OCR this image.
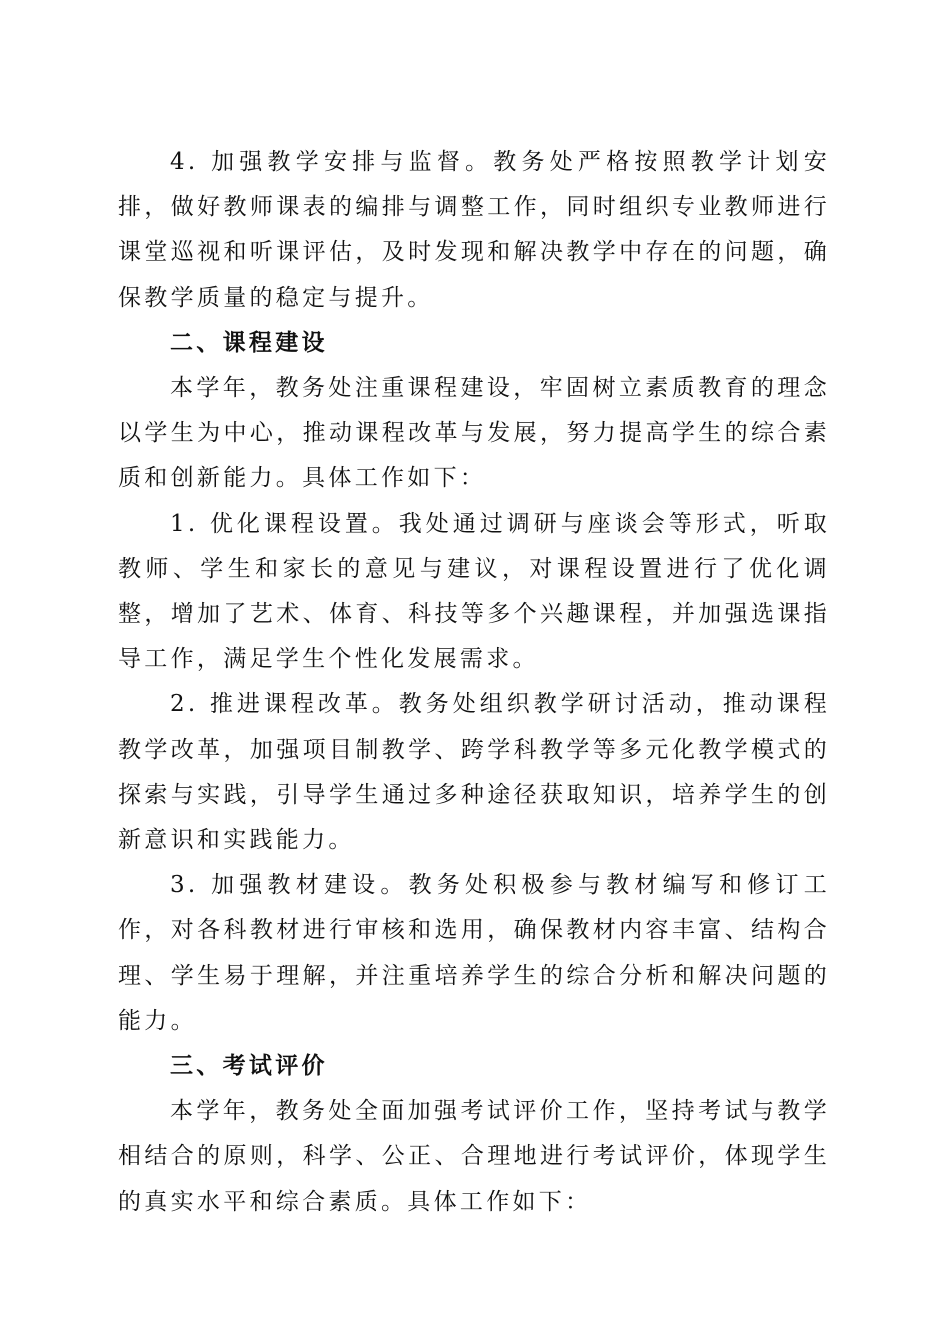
4. 加强教学安排与监督。教务处严格按照教学计划安排，做好教师课表的编排与调整工作，同时组织专业教师进行课堂巡视和听课评估，及时发现和解决教学中存在的问题，确保教学质量的稳定与提升。

二、课程建设

本学年，教务处注重课程建设，牢固树立素质教育的理念以学生为中心，推动课程改革与发展，努力提高学生的综合素质和创新能力。具体工作如下：

1. 优化课程设置。我处通过调研与座谈会等形式，听取教师、学生和家长的意见与建议，对课程设置进行了优化调整，增加了艺术、体育、科技等多个兴趣课程，并加强选课指导工作，满足学生个性化发展需求。

2. 推进课程改革。教务处组织教学研讨活动，推动课程教学改革，加强项目制教学、跨学科教学等多元化教学模式的探索与实践，引导学生通过多种途径获取知识，培养学生的创新意识和实践能力。

3. 加强教材建设。教务处积极参与教材编写和修订工作，对各科教材进行审核和选用，确保教材内容丰富、结构合理、学生易于理解，并注重培养学生的综合分析和解决问题的能力。

三、考试评价

本学年，教务处全面加强考试评价工作，坚持考试与教学相结合的原则，科学、公正、合理地进行考试评价，体现学生的真实水平和综合素质。具体工作如下：
